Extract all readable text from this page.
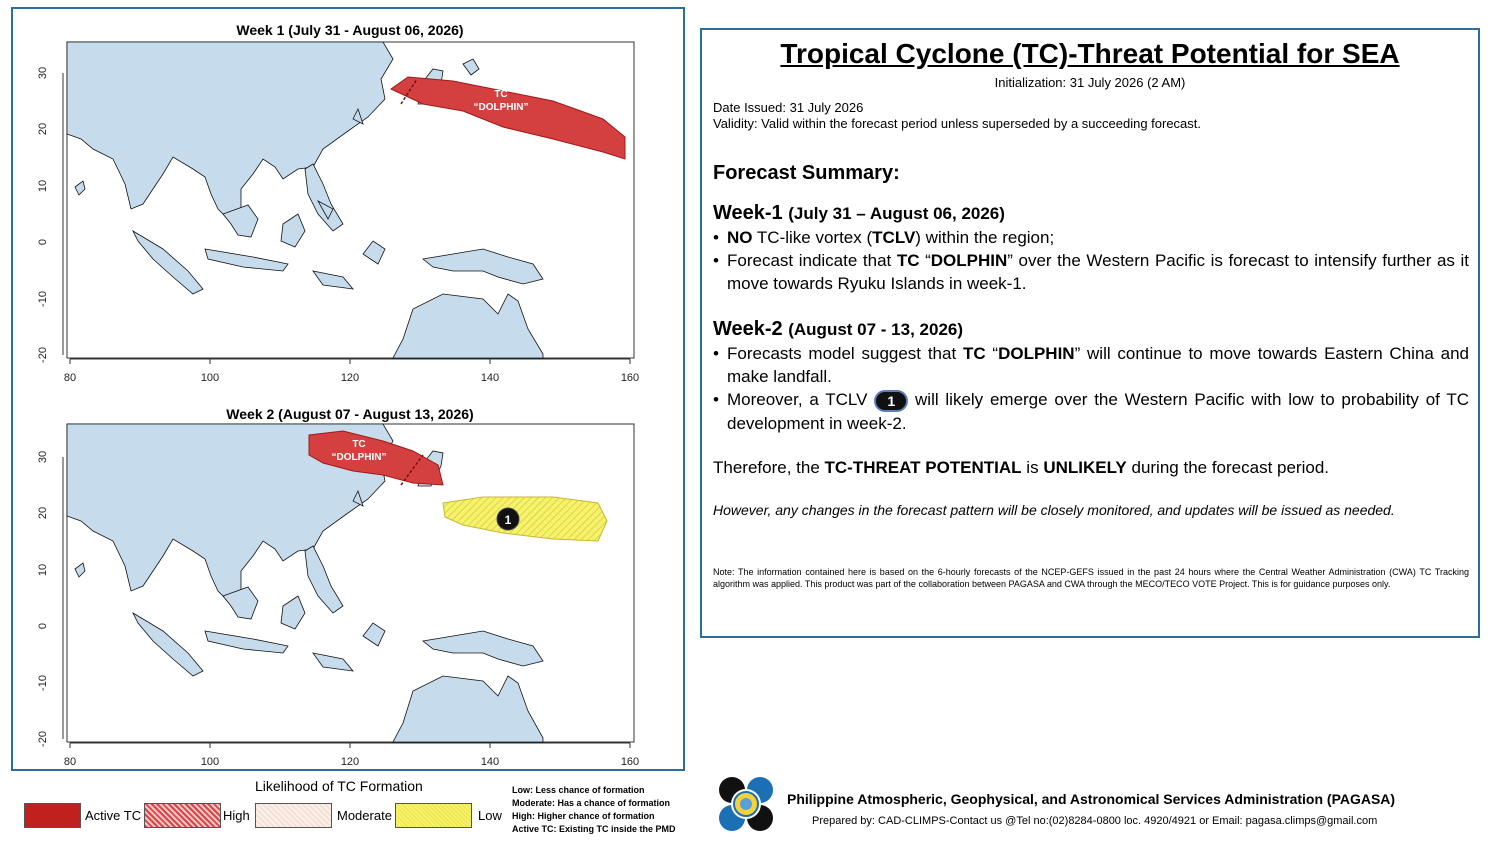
Week 1 (July 31 - August 06, 2026)
TC
“DOLPHIN”
80	100	120	140	160
30
20
10
0
-10
-20
Week 2 (August 07 - August 13, 2026)
TC
“DOLPHIN”
1
80	100	120	140	160
30
20
10
0
-10
-20
Tropical Cyclone (TC)-Threat Potential for SEA
Initialization: 31 July 2026 (2 AM)
Date Issued: 31 July 2026
Validity: Valid within the forecast period unless superseded by a succeeding forecast.
Forecast Summary:
Week-1 (July 31 – August 06, 2026)
• NO TC-like vortex (TCLV) within the region;
• Forecast indicate that TC “DOLPHIN” over the Western Pacific is forecast to intensify further as it move towards Ryuku Islands in week-1.
Week-2 (August 07 - 13, 2026)
• Forecasts model suggest that TC “DOLPHIN” will continue to move towards Eastern China and make landfall.
• Moreover, a TCLV 1 will likely emerge over the Western Pacific with low to probability of TC development in week-2.
Therefore, the TC-THREAT POTENTIAL is UNLIKELY during the forecast period.
However, any changes in the forecast pattern will be closely monitored, and updates will be issued as needed.
Note: The information contained here is based on the 6-hourly forecasts of the NCEP-GEFS issued in the past 24 hours where the Central Weather Administration (CWA) TC Tracking algorithm was applied. This product was part of the collaboration between PAGASA and CWA through the MECO/TECO VOTE Project. This is for guidance purposes only.
Likelihood of TC Formation
Active TC	High	Moderate	Low
Low: Less chance of formation
Moderate: Has a chance of formation
High: Higher chance of formation
Active TC: Existing TC inside the PMD
Philippine Atmospheric, Geophysical, and Astronomical Services Administration (PAGASA)
Prepared by: CAD-CLIMPS-Contact us @Tel no:(02)8284-0800 loc. 4920/4921 or Email: pagasa.climps@gmail.com
